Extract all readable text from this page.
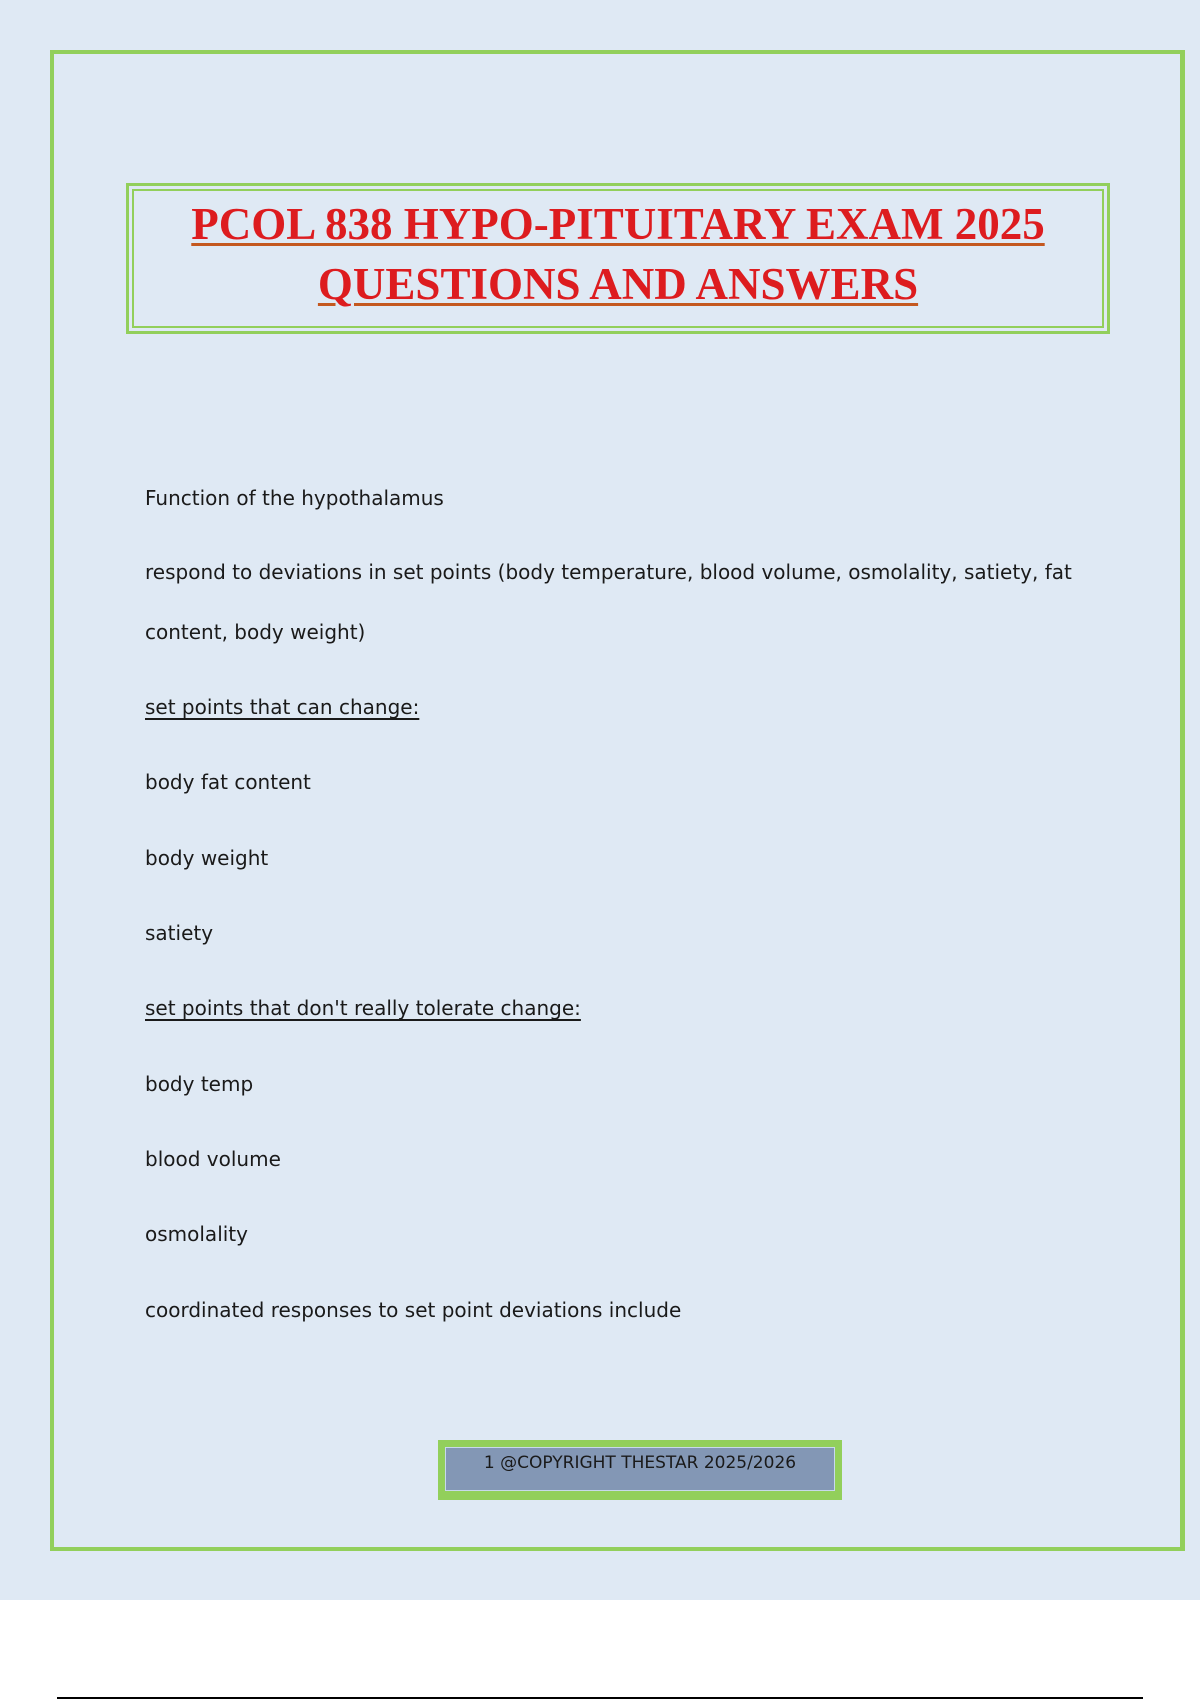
PCOL 838 HYPO-PITUITARY EXAM 2025
QUESTIONS AND ANSWERS
Function of the hypothalamus
respond to deviations in set points (body temperature, blood volume, osmolality, satiety, fat
content, body weight)
set points that can change:
body fat content
body weight
satiety
set points that don't really tolerate change:
body temp
blood volume
osmolality
coordinated responses to set point deviations include
1 @COPYRIGHT THESTAR 2025/2026
